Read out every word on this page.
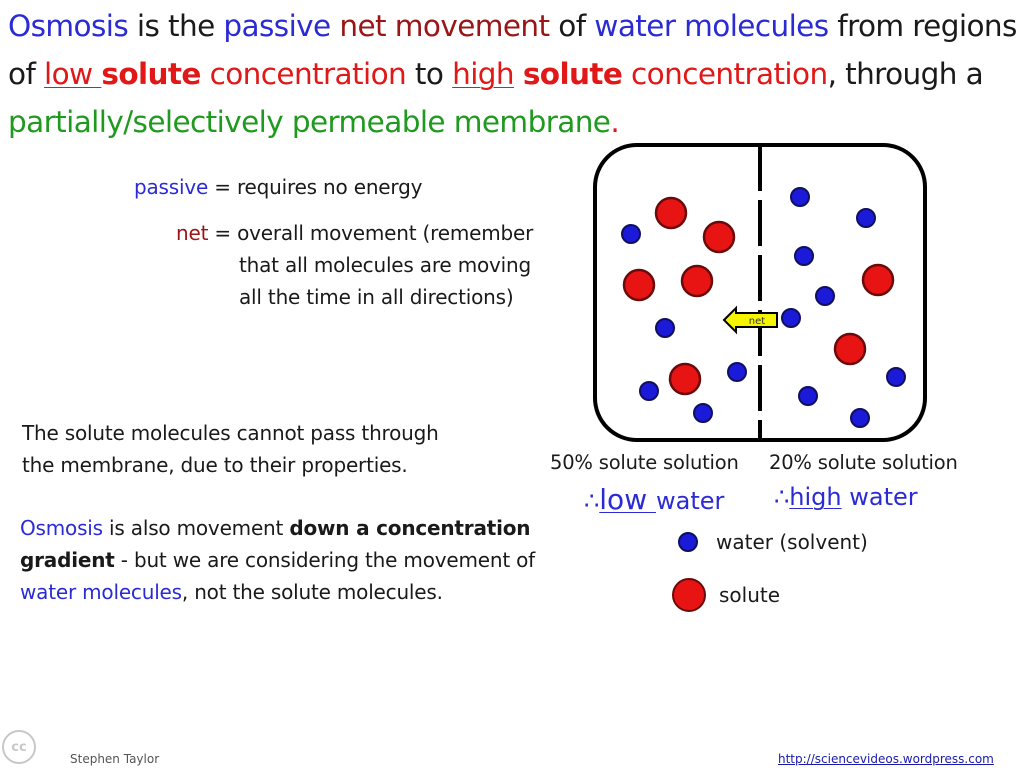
Osmosis is the passive net movement of water molecules from regions of low solute concentration to high solute concentration, through a partially/selectively permeable membrane.
passive = requires no energy
net = overall movement (remember
that all molecules are moving
all the time in all directions)
The solute molecules cannot pass through
the membrane, due to their properties.
Osmosis is also movement down a concentration gradient - but we are considering the movement of water molecules, not the solute molecules.
net
50% solute solution 20% solute solution
∴low water ∴high water
water (solvent)
solute
cc
Stephen Taylor	http://sciencevideos.wordpress.com
